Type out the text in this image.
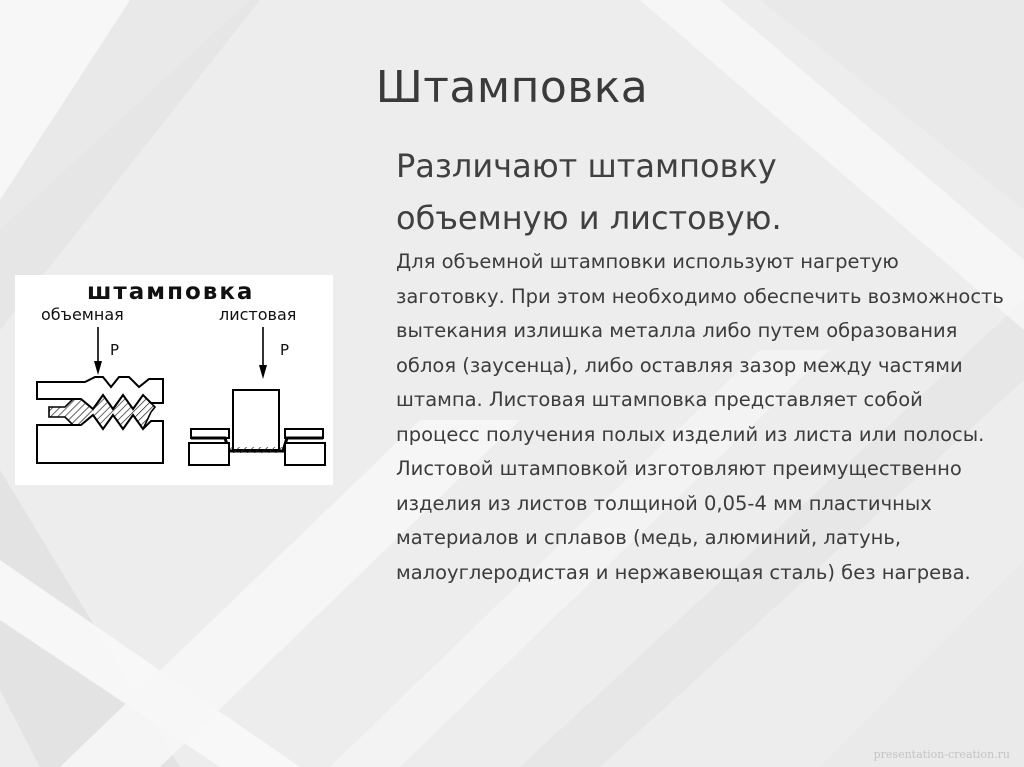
Штамповка
Различают штамповку
объемную и листовую.
Для объемной штамповки используют нагретую заготовку. При этом необходимо обеспечить возможность вытекания излишка металла либо путем образования облоя (заусенца), либо оставляя зазор между частями штампа. Листовая штамповка представляет собой процесс получения полых изделий из листа или полосы. Листовой штамповкой изготовляют преимущественно изделия из листов толщиной 0,05-4 мм пластичных материалов и сплавов (медь, алюминий, латунь, малоуглеродистая и нержавеющая сталь) без нагрева.
штамповка
объемная	листовая
P	P
presentation-creation.ru
